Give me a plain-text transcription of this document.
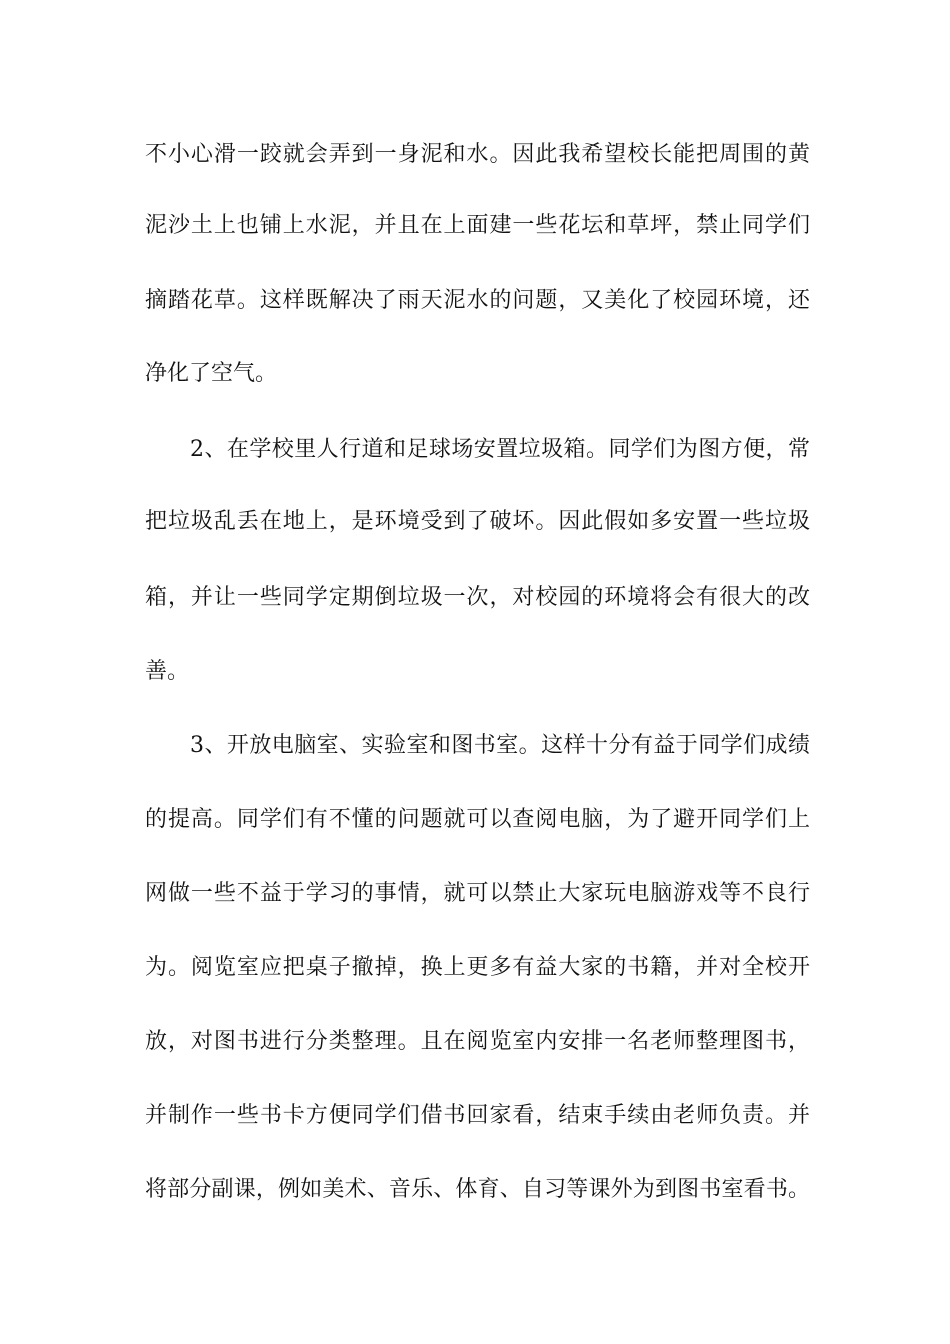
不小心滑一跤就会弄到一身泥和水。因此我希望校长能把周围的黄
泥沙土上也铺上水泥，并且在上面建一些花坛和草坪，禁止同学们
摘踏花草。这样既解决了雨天泥水的问题，又美化了校园环境，还
净化了空气。
2、在学校里人行道和足球场安置垃圾箱。同学们为图方便，常
把垃圾乱丢在地上，是环境受到了破坏。因此假如多安置一些垃圾
箱，并让一些同学定期倒垃圾一次，对校园的环境将会有很大的改
善。
3、开放电脑室、实验室和图书室。这样十分有益于同学们成绩
的提高。同学们有不懂的问题就可以查阅电脑，为了避开同学们上
网做一些不益于学习的事情，就可以禁止大家玩电脑游戏等不良行
为。阅览室应把桌子撤掉，换上更多有益大家的书籍，并对全校开
放，对图书进行分类整理。且在阅览室内安排一名老师整理图书，
并制作一些书卡方便同学们借书回家看，结束手续由老师负责。并
将部分副课，例如美术、音乐、体育、自习等课外为到图书室看书。
